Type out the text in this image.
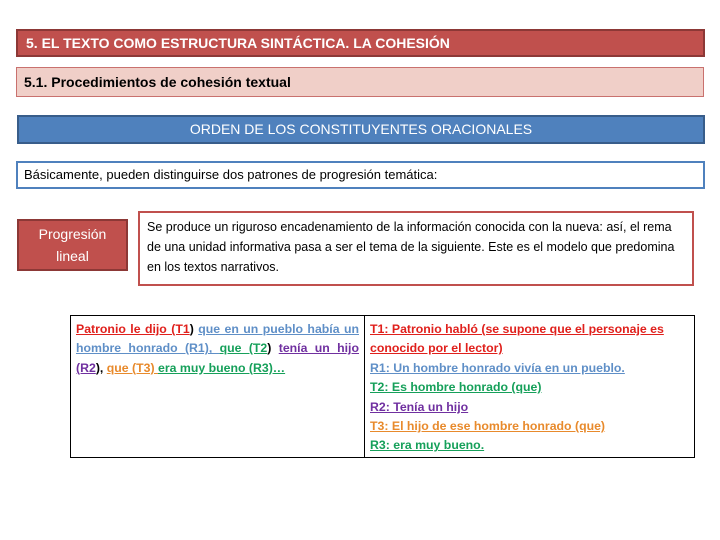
5. EL TEXTO COMO ESTRUCTURA SINTÁCTICA. LA COHESIÓN
5.1. Procedimientos de cohesión textual
ORDEN DE LOS CONSTITUYENTES ORACIONALES
Básicamente, pueden distinguirse dos patrones de progresión temática:
Progresión
lineal
Se produce un riguroso encadenamiento de la información conocida con la nueva: así, el rema de una unidad informativa pasa a ser el tema de la siguiente. Este es el modelo que predomina en los textos narrativos.
Patronio le dijo (T1) que en un pueblo había un hombre honrado (R1), que (T2) tenía un hijo (R2), que (T3) era muy bueno (R3)…
T1: Patronio habló (se supone que el personaje es conocido por el lector)
R1: Un hombre honrado vivía en un pueblo.
T2: Es hombre honrado (que)
R2: Tenía un hijo
T3: El hijo de ese hombre honrado (que)
R3: era muy bueno.
